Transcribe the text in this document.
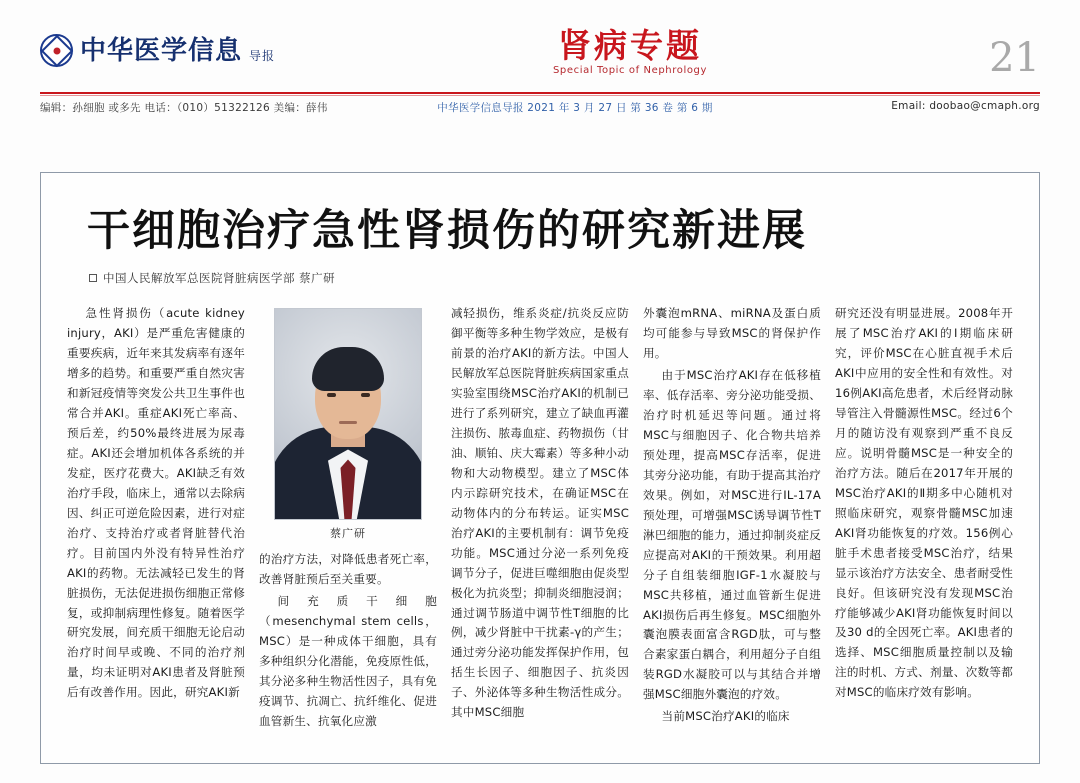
中华医学信息 导报	肾病专题
Special Topic of Nephrology	21
编辑：孙细胞 或多先 电话：（010）51322126 美编：薛伟	中华医学信息导报 2021 年 3 月 27 日 第 36 卷 第 6 期	Email: doobao@cmaph.org
干细胞治疗急性肾损伤的研究新进展
中国人民解放军总医院肾脏病医学部 蔡广研

急性肾损伤（acute kidney injury，AKI）是严重危害健康的重要疾病，近年来其发病率有逐年增多的趋势。和重要严重自然灾害和新冠疫情等突发公共卫生事件也常合并AKI。重症AKI死亡率高、预后差，约50%最终进展为尿毒症。AKI还会增加机体各系统的并发症，医疗花费大。AKI缺乏有效治疗手段，临床上，通常以去除病因、纠正可逆危险因素，进行对症治疗、支持治疗或者肾脏替代治疗。目前国内外没有特异性治疗AKI的药物。无法减轻已发生的肾脏损伤，无法促进损伤细胞正常修复，或抑制病理性修复。随着医学研究发展，间充质干细胞无论启动治疗时间早或晚、不同的治疗剂量，均未证明对AKI患者及肾脏预后有改善作用。因此，研究AKI新

蔡广研

的治疗方法，对降低患者死亡率，改善肾脏预后至关重要。

间充质干细胞（mesenchymal stem cells，MSC）是一种成体干细胞，具有多种组织分化潜能，免疫原性低，其分泌多种生物活性因子，具有免疫调节、抗凋亡、抗纤维化、促进血管新生、抗氧化应激

减轻损伤，维系炎症/抗炎反应防御平衡等多种生物学效应，是极有前景的治疗AKI的新方法。中国人民解放军总医院肾脏疾病国家重点实验室围绕MSC治疗AKI的机制已进行了系列研究，建立了缺血再灌注损伤、脓毒血症、药物损伤（甘油、顺铂、庆大霉素）等多种小动物和大动物模型。建立了MSC体内示踪研究技术，在确证MSC在动物体内的分布转运。证实MSC治疗AKI的主要机制有：调节免疫功能。MSC通过分泌一系列免疫调节分子，促进巨噬细胞由促炎型极化为抗炎型；抑制炎细胞浸润；通过调节肠道中调节性T细胞的比例，减少肾脏中干扰素-γ的产生；通过旁分泌功能发挥保护作用，包括生长因子、细胞因子、抗炎因子、外泌体等多种生物活性成分。其中MSC细胞

外囊泡mRNA、miRNA及蛋白质均可能参与导致MSC的肾保护作用。

由于MSC治疗AKI存在低移植率、低存活率、旁分泌功能受损、治疗时机延迟等问题。通过将MSC与细胞因子、化合物共培养预处理，提高MSC存活率，促进其旁分泌功能，有助于提高其治疗效果。例如，对MSC进行IL-17A预处理，可增强MSC诱导调节性T淋巴细胞的能力，通过抑制炎症反应提高对AKI的干预效果。利用超分子自组装细胞IGF-1水凝胶与MSC共移植，通过血管新生促进AKI损伤后再生修复。MSC细胞外囊泡膜表面富含RGD肽，可与整合素家蛋白耦合，利用超分子自组装RGD水凝胶可以与其结合并增强MSC细胞外囊泡的疗效。

当前MSC治疗AKI的临床

研究还没有明显进展。2008年开展了MSC治疗AKI的Ⅰ期临床研究，评价MSC在心脏直视手术后AKI中应用的安全性和有效性。对16例AKI高危患者，术后经肾动脉导管注入骨髓源性MSC。经过6个月的随访没有观察到严重不良反应。说明骨髓MSC是一种安全的治疗方法。随后在2017年开展的MSC治疗AKI的Ⅱ期多中心随机对照临床研究，观察骨髓MSC加速AKI肾功能恢复的疗效。156例心脏手术患者接受MSC治疗，结果显示该治疗方法安全、患者耐受性良好。但该研究没有发现MSC治疗能够减少AKI肾功能恢复时间以及30 d的全因死亡率。AKI患者的选择、MSC细胞质量控制以及输注的时机、方式、剂量、次数等都对MSC的临床疗效有影响。
